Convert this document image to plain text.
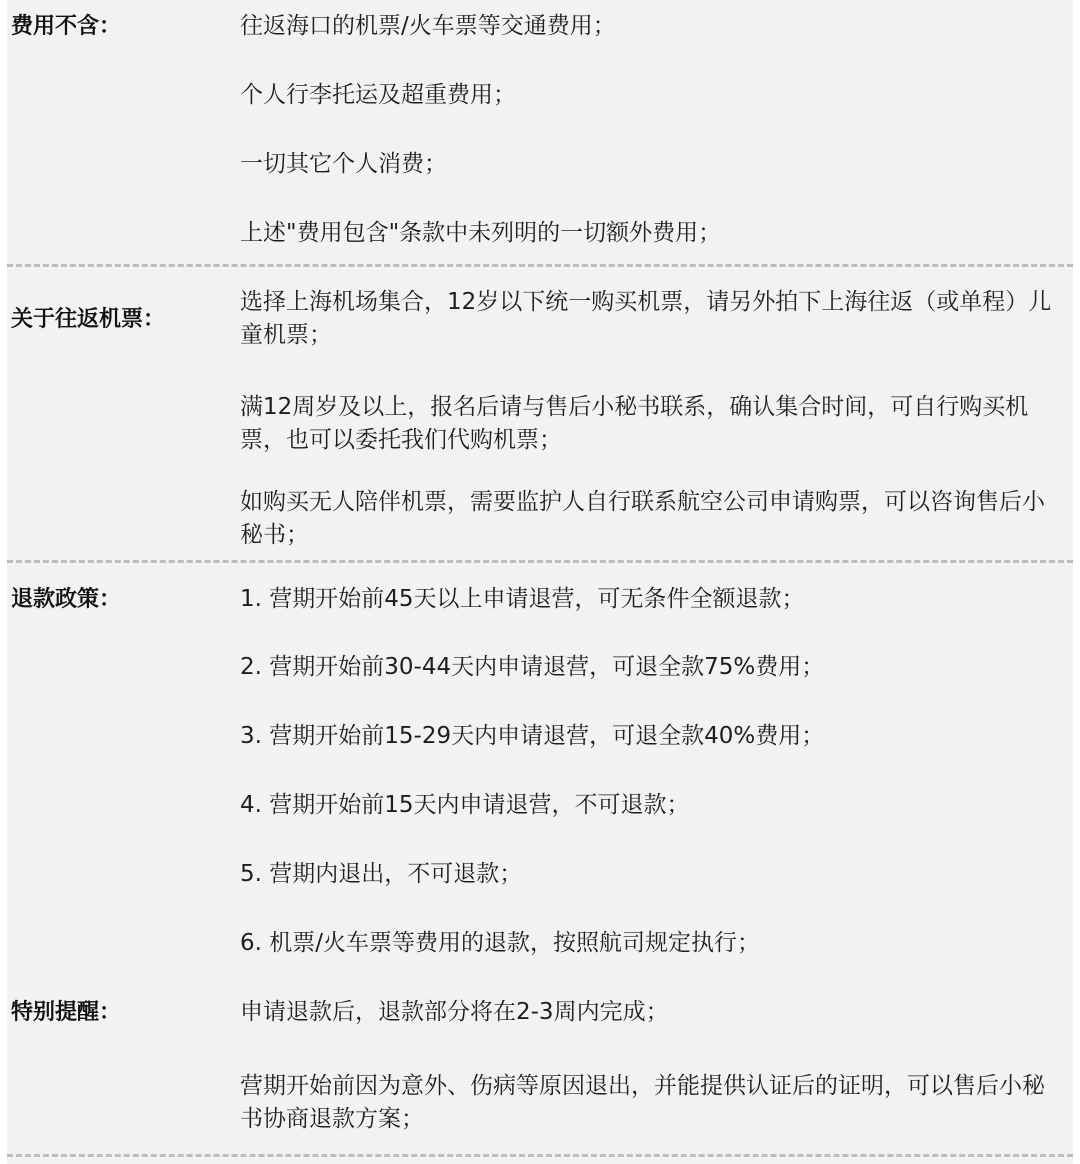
费用不含：	往返海口的机票/火车票等交通费用；
个人行李托运及超重费用；
一切其它个人消费；
上述"费用包含"条款中未列明的一切额外费用；
关于往返机票：
选择上海机场集合，12岁以下统一购买机票，请另外拍下上海往返（或单程）儿童机票；
满12周岁及以上，报名后请与售后小秘书联系，确认集合时间，可自行购买机票，也可以委托我们代购机票；
如购买无人陪伴机票，需要监护人自行联系航空公司申请购票，可以咨询售后小秘书；
退款政策：	1. 营期开始前45天以上申请退营，可无条件全额退款；
2. 营期开始前30-44天内申请退营，可退全款75%费用；
3. 营期开始前15-29天内申请退营，可退全款40%费用；
4. 营期开始前15天内申请退营，不可退款；
5. 营期内退出，不可退款；
6. 机票/火车票等费用的退款，按照航司规定执行；
特别提醒：	申请退款后，退款部分将在2-3周内完成；
营期开始前因为意外、伤病等原因退出，并能提供认证后的证明，可以售后小秘书协商退款方案；
